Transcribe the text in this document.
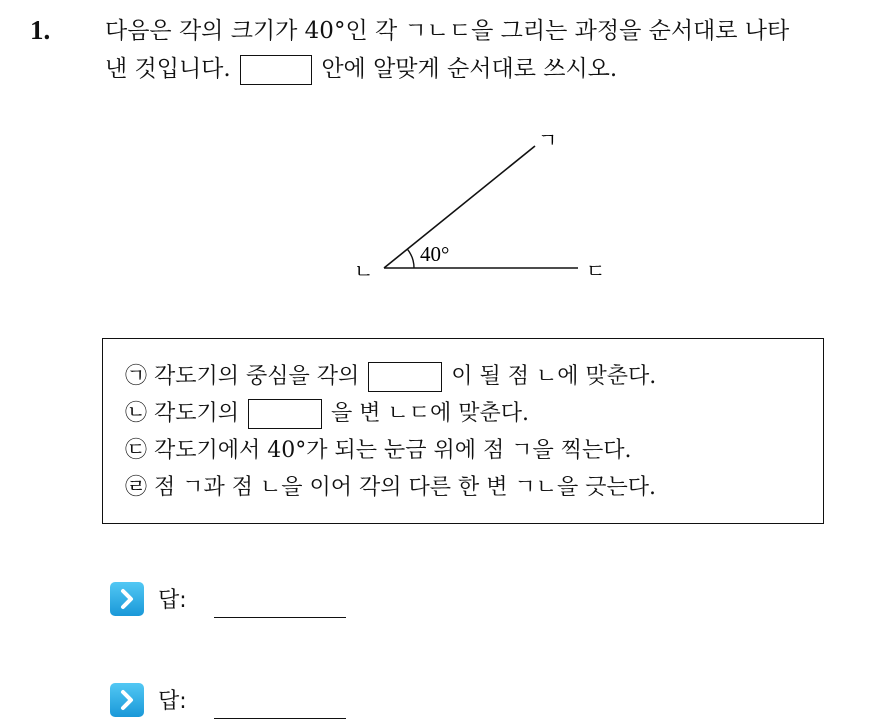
1. 다음은 각의 크기가 40°인 각 ㄱㄴㄷ을 그리는 과정을 순서대로 나타
낸 것입니다.	안에 알맞게 순서대로 쓰시오.
ㄱ
ㄴ	ㄷ
40°
㉠ 각도기의 중심을 각의	이 될 점 ㄴ에 맞춘다.
㉡ 각도기의	을 변 ㄴㄷ에 맞춘다.
㉢ 각도기에서 40°가 되는 눈금 위에 점 ㄱ을 찍는다.
㉣ 점 ㄱ과 점 ㄴ을 이어 각의 다른 한 변 ㄱㄴ을 긋는다.
답:
답:
